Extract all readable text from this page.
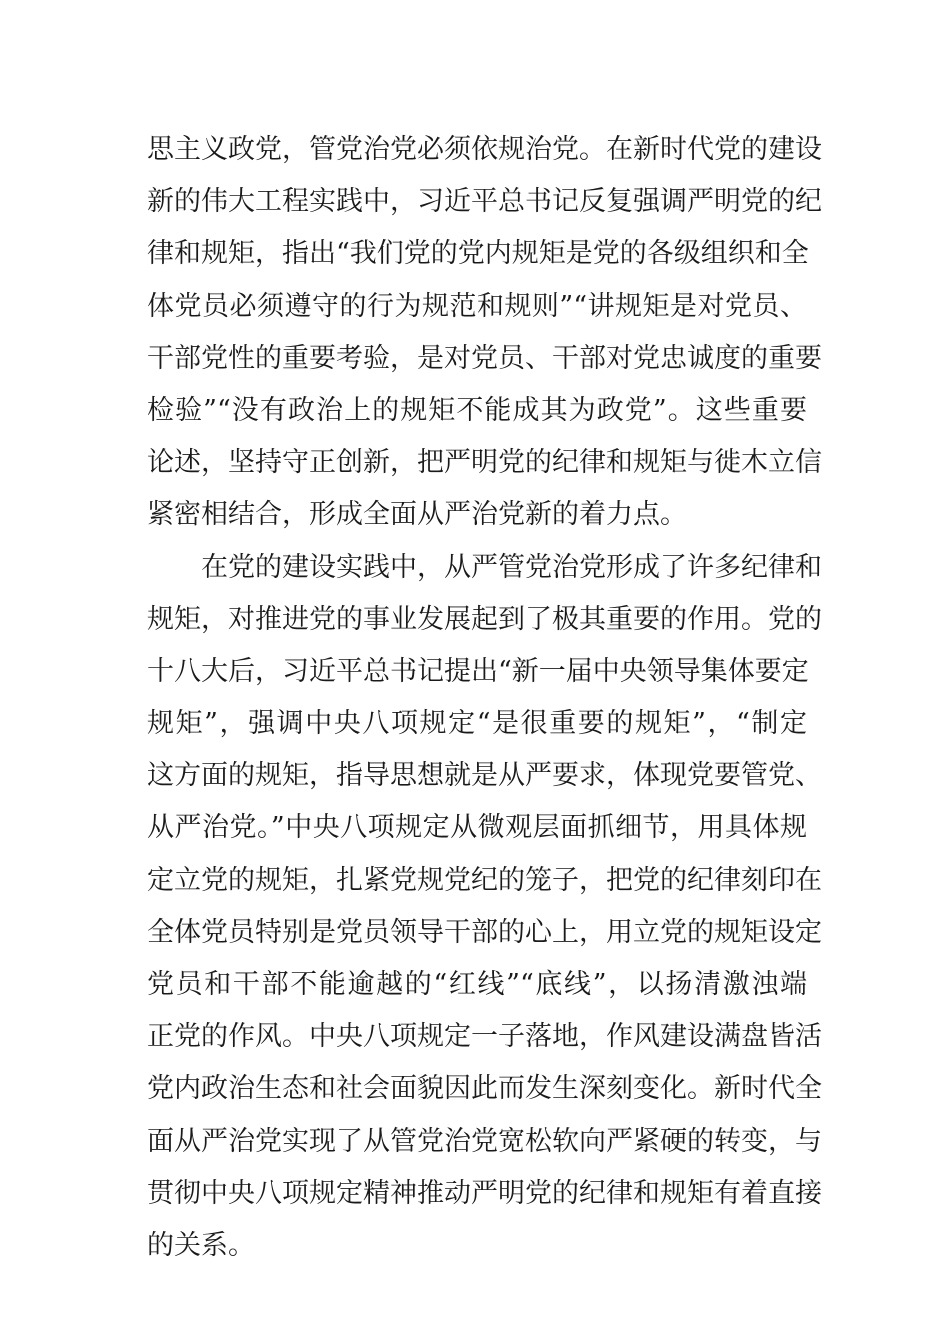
思主义政党，管党治党必须依规治党。在新时代党的建设
新的伟大工程实践中，习近平总书记反复强调严明党的纪
律和规矩，指出“我们党的党内规矩是党的各级组织和全
体党员必须遵守的行为规范和规则”“讲规矩是对党员、
干部党性的重要考验，是对党员、干部对党忠诚度的重要
检验”“没有政治上的规矩不能成其为政党”。这些重要
论述，坚持守正创新，把严明党的纪律和规矩与徙木立信
紧密相结合，形成全面从严治党新的着力点。
在党的建设实践中，从严管党治党形成了许多纪律和
规矩，对推进党的事业发展起到了极其重要的作用。党的
十八大后，习近平总书记提出“新一届中央领导集体要定
规矩”，强调中央八项规定“是很重要的规矩”，“制定
这方面的规矩，指导思想就是从严要求，体现党要管党、
从严治党。”中央八项规定从微观层面抓细节，用具体规
定立党的规矩，扎紧党规党纪的笼子，把党的纪律刻印在
全体党员特别是党员领导干部的心上，用立党的规矩设定
党员和干部不能逾越的“红线”“底线”，以扬清激浊端
正党的作风。中央八项规定一子落地，作风建设满盘皆活
党内政治生态和社会面貌因此而发生深刻变化。新时代全
面从严治党实现了从管党治党宽松软向严紧硬的转变，与
贯彻中央八项规定精神推动严明党的纪律和规矩有着直接
的关系。
